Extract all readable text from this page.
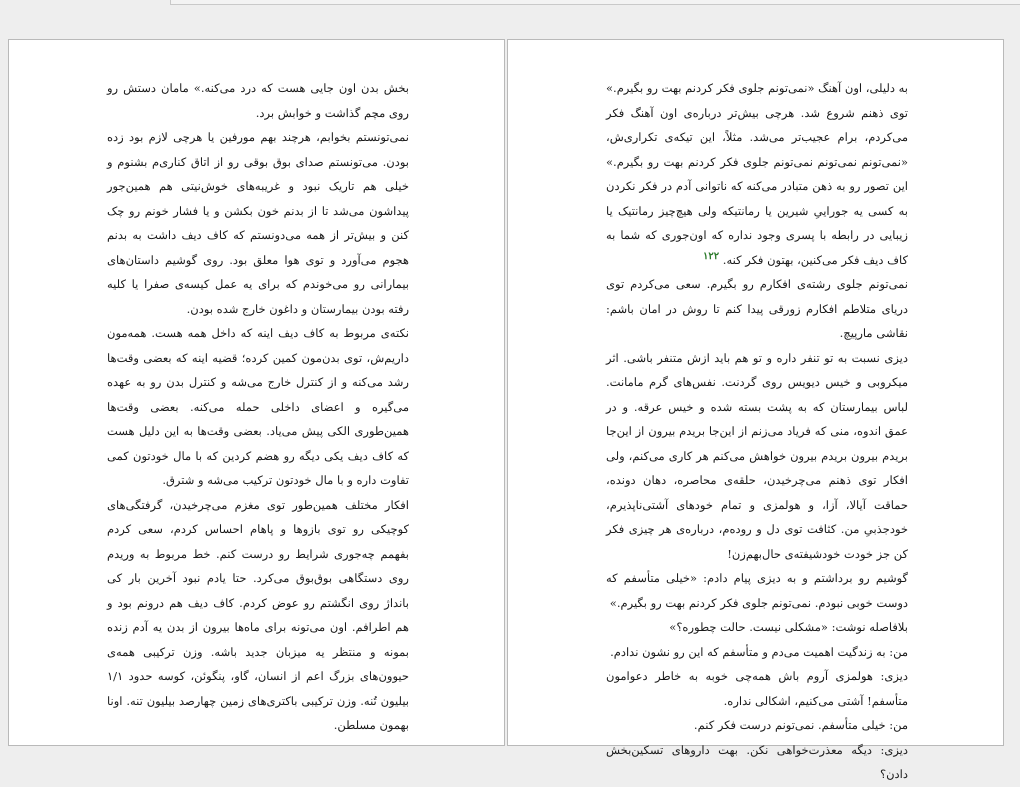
بخش بدن اون جایی هست که درد می‌کنه.» مامان دستش رو روی مچم گذاشت و خوابش برد.

نمی‌تونستم بخوابم، هرچند بهم مورفین یا هرچی لازم بود زده بودن. می‌تونستم صدای بوق بوقی رو از اتاق کناری‌م بشنوم و خیلی هم تاریک نبود و غریبه‌های خوش‌نیتی هم همین‌جور پیداشون می‌شد تا از بدنم خون بکشن و یا فشار خونم رو چک کنن و بیش‌تر از همه می‌دونستم که کاف دیف داشت به بدنم هجوم می‌آورد و توی هوا معلق بود. روی گوشیم داستان‌های بیمارانی رو می‌خوندم که برای یه عمل کیسه‌ی صفرا یا کلیه رفته بودن بیمارستان و داغون خارج شده بودن.

نکته‌ی مربوط به کاف دیف اینه که داخل همه هست. همه‌مون داریم‌ش، توی بدن‌مون کمین کرده؛ قضیه اینه که بعضی وقت‌ها رشد می‌کنه و از کنترل خارج می‌شه و کنترل بدن رو به عهده می‌گیره و اعضای داخلی حمله می‌کنه. بعضی وقت‌ها همین‌طوری الکی پیش می‌یاد. بعضی وقت‌ها به این دلیل هست که کاف دیف یکی دیگه رو هضم کردین که با مال خودتون کمی تفاوت داره و با مال خودتون ترکیب می‌شه و شترق.

افکار مختلف همین‌طور توی مغزم می‌چرخیدن، گرفتگی‌های کوچیکی رو توی بازوها و پاهام احساس کردم، سعی کردم بفهمم چه‌جوری شرایط رو درست کنم. خط مربوط به وریدم روی دستگاهی بوق‌بوق می‌کرد. حتا یادم نبود آخرین بار کی بانداژ روی انگشتم رو عوض کردم. کاف دیف هم درونم بود و هم اطرافم. اون می‌تونه برای ماه‌ها بیرون از بدن یه آدم زنده بمونه و منتظر یه میزبان جدید باشه. وزن ترکیبی همه‌ی حیوون‌های بزرگ اعم از انسان، گاو، پنگوئن، کوسه حدود ۱/۱ بیلیون تُنه. وزن ترکیبی باکتری‌های زمین چهارصد بیلیون تنه. اونا بهمون مسلطن.

به دلیلی، اون آهنگ «نمی‌تونم جلوی فکر کردنم بهت رو بگیرم.» توی ذهنم شروع شد. هرچی بیش‌تر درباره‌ی اون آهنگ فکر می‌کردم، برام عجیب‌تر می‌شد. مثلاً، این تیکه‌ی تکراری‌ش، «نمی‌تونم نمی‌تونم نمی‌تونم جلوی فکر کردنم بهت رو بگیرم.» این تصور رو به ذهن متبادر می‌کنه که ناتوانی آدم در فکر نکردن به کسی یه جوراییِ شیرین یا رمانتیکه ولی هیچ‌چیز رمانتیک یا زیبایی در رابطه با پسری وجود نداره که اون‌جوری که شما به کاف دیف فکر می‌کنین، بهتون فکر کنه. ۱۲۲

نمی‌تونم جلوی رشته‌ی افکارم رو بگیرم. سعی می‌کردم توی دریای متلاطم افکارم زورقی پیدا کنم تا روش در امان باشم: نقاشی مارپیچ.

دیزی نسبت به تو تنفر داره و تو هم باید ازش متنفر باشی. اثر میکروبی و خیس دیویس روی گردنت. نفس‌های گرم مامانت. لباس بیمارستان که به پشت بسته شده و خیس عرقه. و در عمق اندوه، منی که فریاد می‌زنم از این‌جا بریدم بیرون از این‌جا بریدم بیرون بریدم بیرون خواهش می‌کنم هر کاری می‌کنم، ولی افکار توی ذهنم می‌چرخیدن، حلقه‌ی محاصره، دهان دونده، حماقت آیالا، آزا، و هولمزی و تمام خودهای آشتی‌ناپذیرم، خودجذبیِ من. کثافت توی دل و روده‌م، درباره‌ی هر چیزی فکر کن جز خودت خودشیفته‌ی حال‌بهم‌زن!

گوشیم رو برداشتم و به دیزی پیام دادم: «خیلی متأسفم که دوست خوبی نبودم. نمی‌تونم جلوی فکر کردنم بهت رو بگیرم.»

بلافاصله نوشت: «مشکلی نیست. حالت چطوره؟»

من: به زندگیت اهمیت می‌دم و متأسفم که این رو نشون ندادم.

دیزی: هولمزی آروم باش همه‌چی خوبه به خاطر دعوامون متأسفم! آشتی می‌کنیم، اشکالی نداره.

من: خیلی متأسفم. نمی‌تونم درست فکر کنم.

دیزی: دیگه معذرت‌خواهی نکن. بهت داروهای تسکین‌بخش دادن؟
